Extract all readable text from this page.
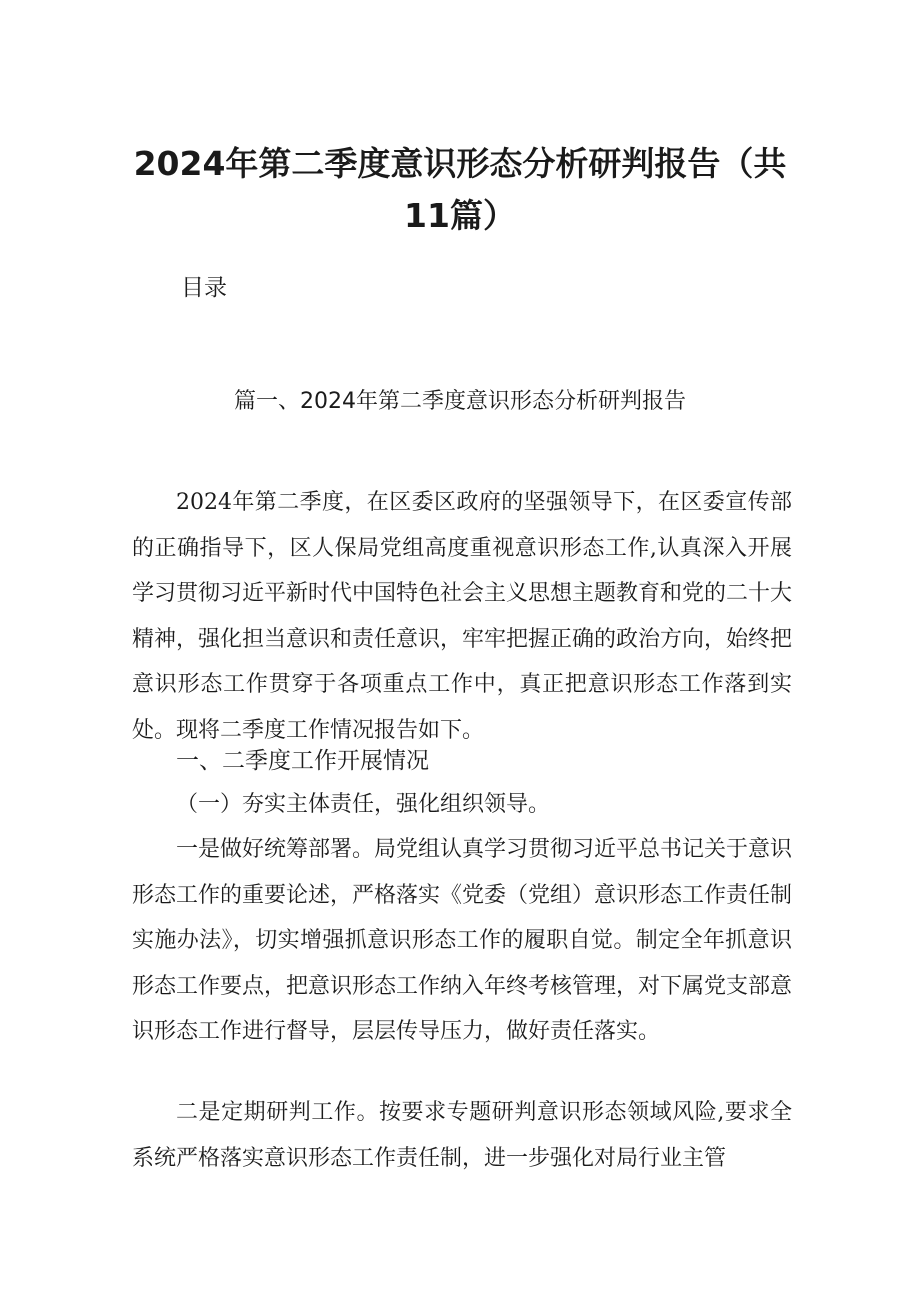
2024年第二季度意识形态分析研判报告（共11篇）
目录
篇一、2024年第二季度意识形态分析研判报告

2024年第二季度，在区委区政府的坚强领导下，在区委宣传部的正确指导下，区人保局党组高度重视意识形态工作,认真深入开展学习贯彻习近平新时代中国特色社会主义思想主题教育和党的二十大精神，强化担当意识和责任意识，牢牢把握正确的政治方向，始终把意识形态工作贯穿于各项重点工作中，真正把意识形态工作落到实处。现将二季度工作情况报告如下。

一、二季度工作开展情况
（一）夯实主体责任，强化组织领导。

一是做好统筹部署。局党组认真学习贯彻习近平总书记关于意识形态工作的重要论述，严格落实《党委（党组）意识形态工作责任制实施办法》，切实增强抓意识形态工作的履职自觉。制定全年抓意识形态工作要点，把意识形态工作纳入年终考核管理，对下属党支部意识形态工作进行督导，层层传导压力，做好责任落实。

二是定期研判工作。按要求专题研判意识形态领域风险,要求全系统严格落实意识形态工作责任制，进一步强化对局行业主管
